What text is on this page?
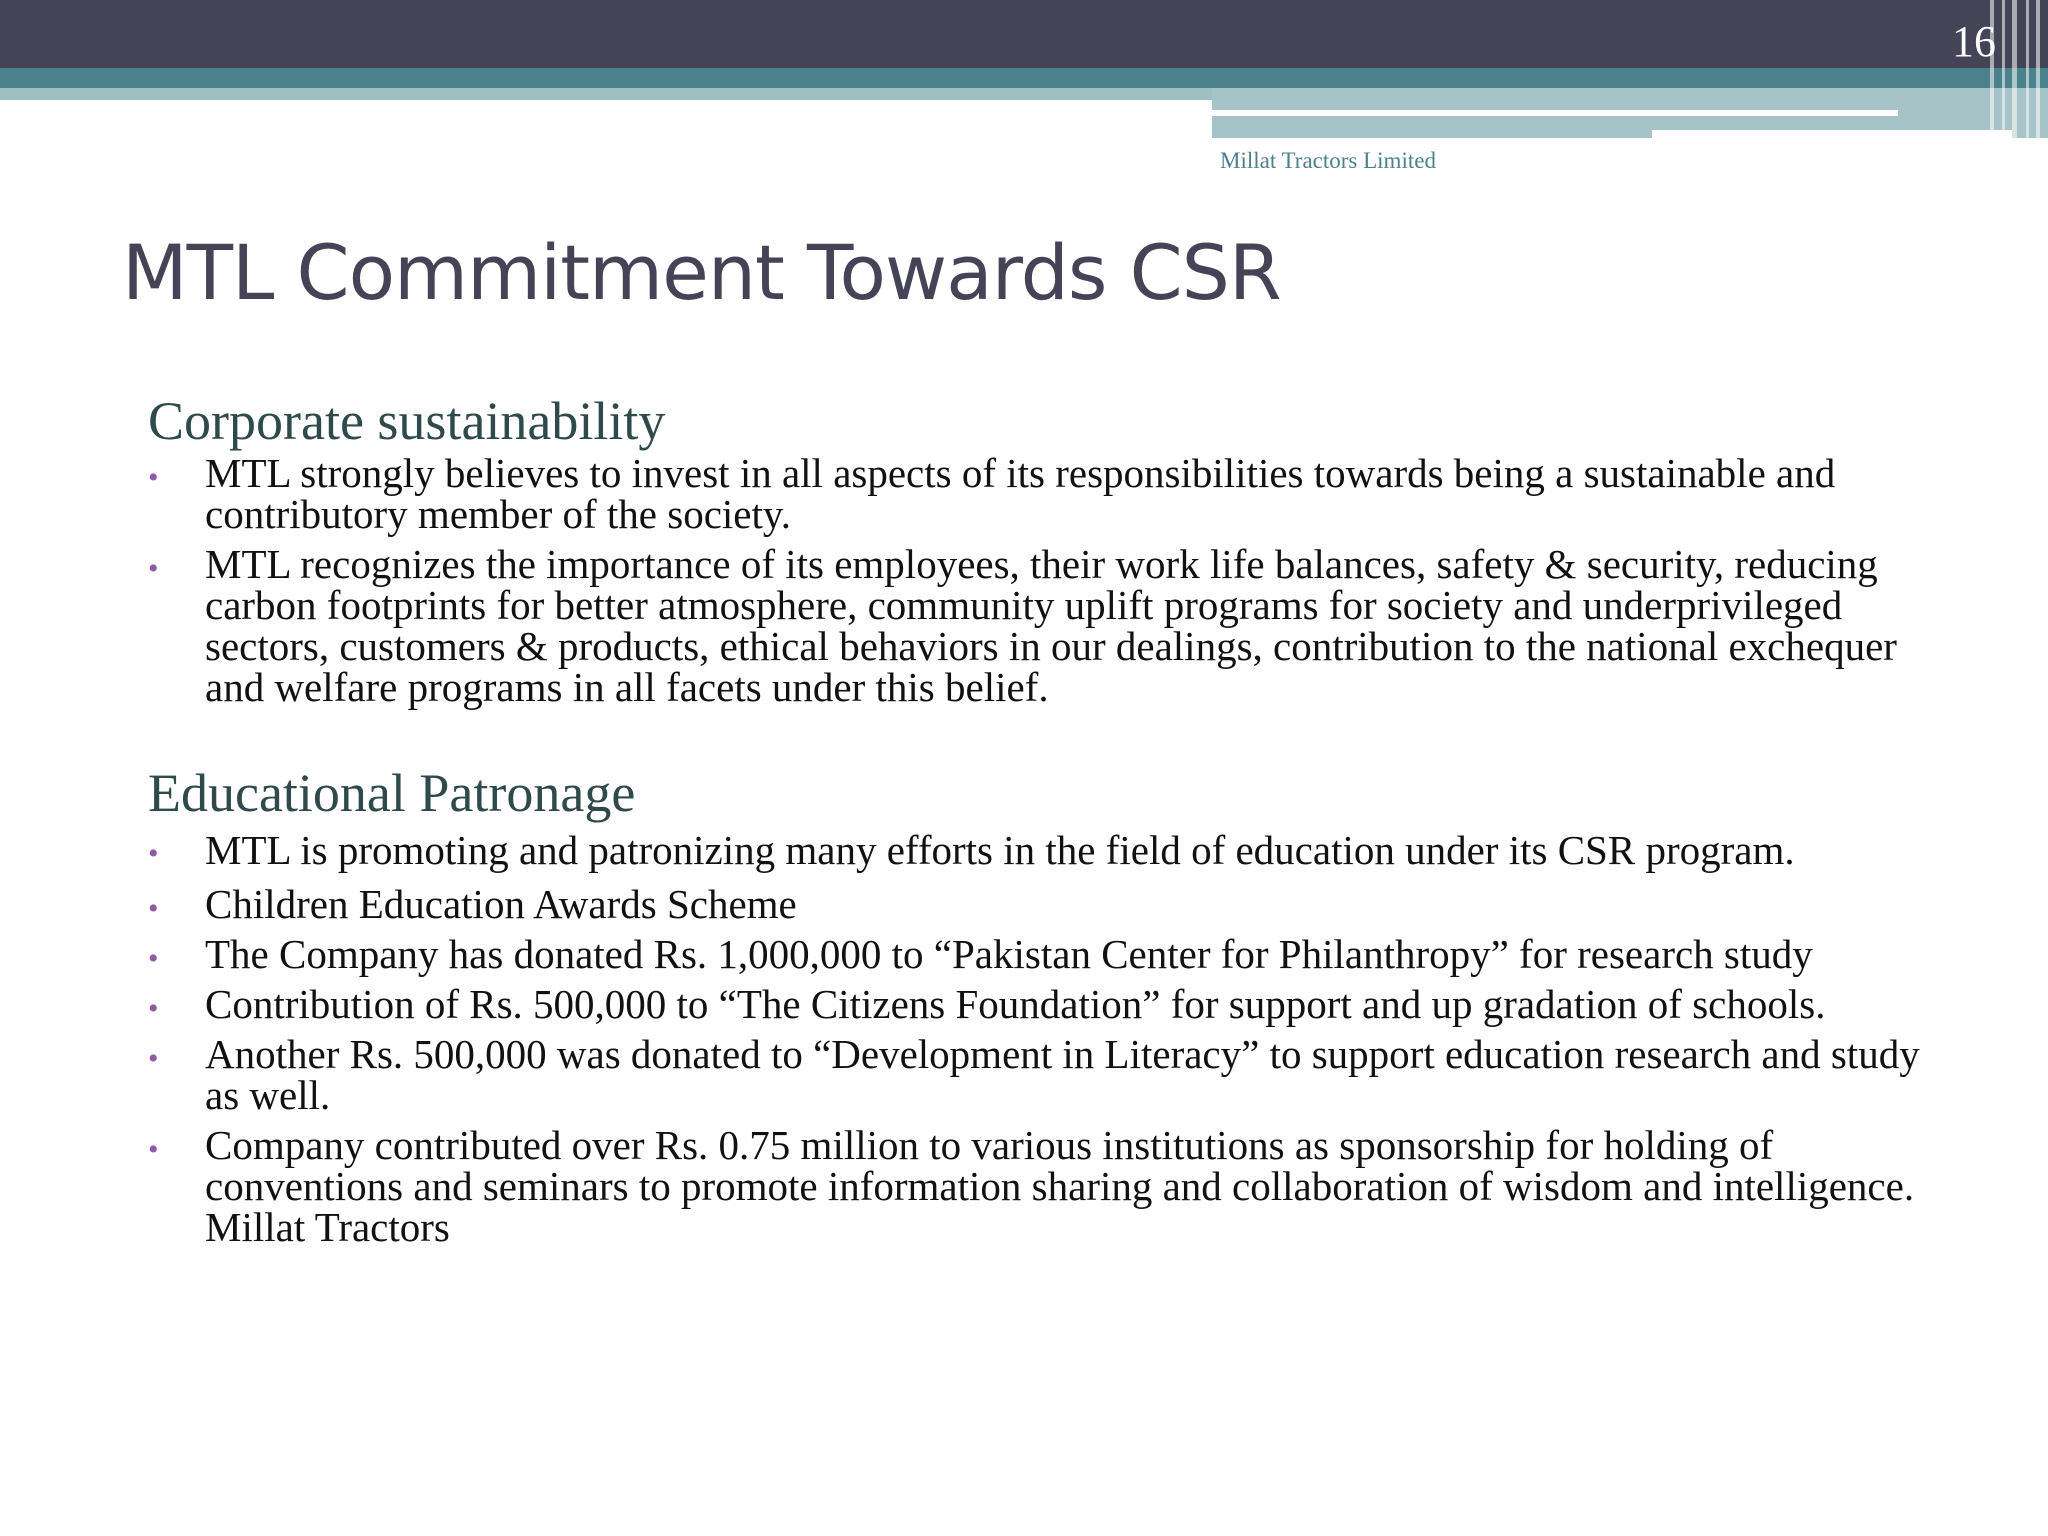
16
Millat Tractors Limited
MTL Commitment Towards CSR
Corporate sustainability
• MTL strongly believes to invest in all aspects of its responsibilities towards being a sustainable and contributory member of the society.
• MTL recognizes the importance of its employees, their work life balances, safety & security, reducing carbon footprints for better atmosphere, community uplift programs for society and underprivileged sectors, customers & products, ethical behaviors in our dealings, contribution to the national exchequer and welfare programs in all facets under this belief.
Educational Patronage
• MTL is promoting and patronizing many efforts in the field of education under its CSR program.
• Children Education Awards Scheme
• The Company has donated Rs. 1,000,000 to “Pakistan Center for Philanthropy” for research study
• Contribution of Rs. 500,000 to “The Citizens Foundation” for support and up gradation of schools.
• Another Rs. 500,000 was donated to “Development in Literacy” to support education research and study as well.
• Company contributed over Rs. 0.75 million to various institutions as sponsorship for holding of conventions and seminars to promote information sharing and collaboration of wisdom and intelligence. Millat Tractors
